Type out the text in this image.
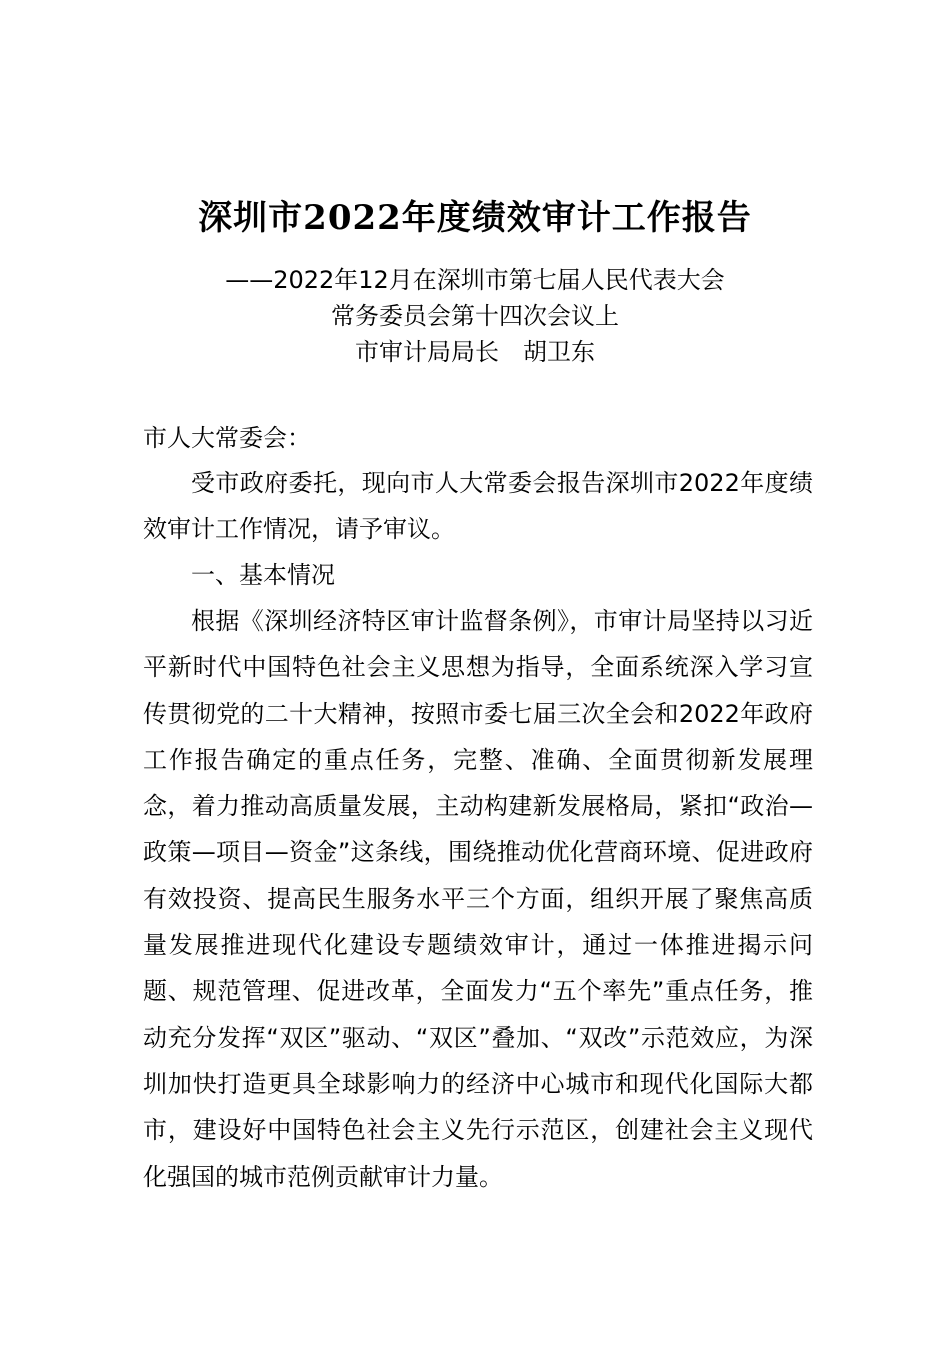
深圳市2022年度绩效审计工作报告
——2022年12月在深圳市第七届人民代表大会
常务委员会第十四次会议上
市审计局局长　胡卫东
市人大常委会：

受市政府委托，现向市人大常委会报告深圳市2022年度绩效审计工作情况，请予审议。

一、基本情况

根据《深圳经济特区审计监督条例》，市审计局坚持以习近平新时代中国特色社会主义思想为指导，全面系统深入学习宣传贯彻党的二十大精神，按照市委七届三次全会和2022年政府工作报告确定的重点任务，完整、准确、全面贯彻新发展理念，着力推动高质量发展，主动构建新发展格局，紧扣“政治—政策—项目—资金”这条线，围绕推动优化营商环境、促进政府有效投资、提高民生服务水平三个方面，组织开展了聚焦高质量发展推进现代化建设专题绩效审计，通过一体推进揭示问题、规范管理、促进改革，全面发力“五个率先”重点任务，推动充分发挥“双区”驱动、“双区”叠加、“双改”示范效应，为深圳加快打造更具全球影响力的经济中心城市和现代化国际大都市，建设好中国特色社会主义先行示范区，创建社会主义现代化强国的城市范例贡献审计力量。
